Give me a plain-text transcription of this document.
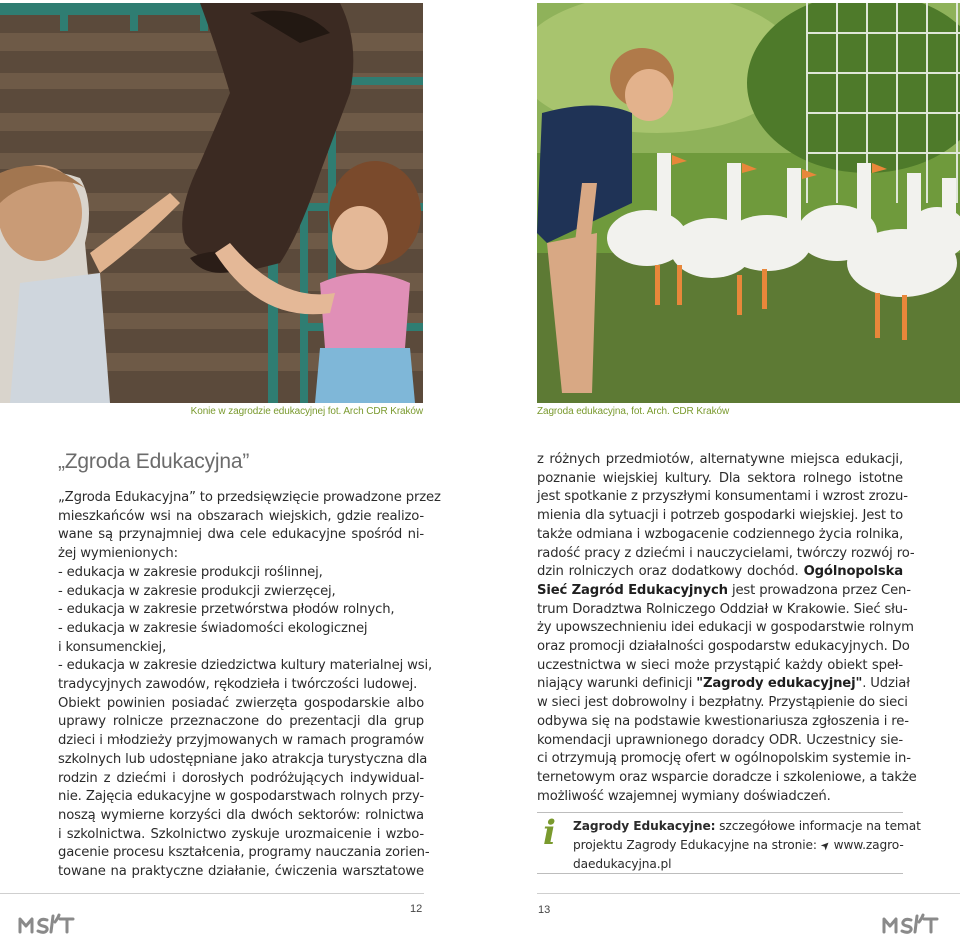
Konie w zagrodzie edukacyjnej fot. Arch CDR Kraków	Zagroda edukacyjna, fot. Arch. CDR Kraków
„Zgroda Edukacyjna”
„Zgroda Edukacyjna” to przedsięwzięcie prowadzone przez
mieszkańców wsi na obszarach wiejskich, gdzie realizo-
wane są przynajmniej dwa cele edukacyjne spośród ni-
żej wymienionych:
- edukacja w zakresie produkcji roślinnej,
- edukacja w zakresie produkcji zwierzęcej,
- edukacja w zakresie przetwórstwa płodów rolnych,
- edukacja w zakresie świadomości ekologicznej
i konsumenckiej,
- edukacja w zakresie dziedzictwa kultury materialnej wsi,
tradycyjnych zawodów, rękodzieła i twórczości ludowej.
Obiekt powinien posiadać zwierzęta gospodarskie albo
uprawy rolnicze przeznaczone do prezentacji dla grup
dzieci i młodzieży przyjmowanych w ramach programów
szkolnych lub udostępniane jako atrakcja turystyczna dla
rodzin z dziećmi i dorosłych podróżujących indywidual-
nie. Zajęcia edukacyjne w gospodarstwach rolnych przy-
noszą wymierne korzyści dla dwóch sektorów: rolnictwa
i szkolnictwa. Szkolnictwo zyskuje urozmaicenie i wzbo-
gacenie procesu kształcenia, programy nauczania zorien-
towane na praktyczne działanie, ćwiczenia warsztatowe
z różnych przedmiotów, alternatywne miejsca edukacji,
poznanie wiejskiej kultury. Dla sektora rolnego istotne
jest spotkanie z przyszłymi konsumentami i wzrost zrozu-
mienia dla sytuacji i potrzeb gospodarki wiejskiej. Jest to
także odmiana i wzbogacenie codziennego życia rolnika,
radość pracy z dziećmi i nauczycielami, twórczy rozwój ro-
dzin rolniczych oraz dodatkowy dochód. Ogólnopolska
Sieć Zagród Edukacyjnych jest prowadzona przez Cen-
trum Doradztwa Rolniczego Oddział w Krakowie. Sieć słu-
ży upowszechnieniu idei edukacji w gospodarstwie rolnym
oraz promocji działalności gospodarstw edukacyjnych. Do
uczestnictwa w sieci może przystąpić każdy obiekt speł-
niający warunki definicji "Zagrody edukacyjnej". Udział
w sieci jest dobrowolny i bezpłatny. Przystąpienie do sieci
odbywa się na podstawie kwestionariusza zgłoszenia i re-
komendacji uprawnionego doradcy ODR. Uczestnicy sie-
ci otrzymują promocję ofert w ogólnopolskim systemie in-
ternetowym oraz wsparcie doradcze i szkoleniowe, a także
możliwość wzajemnej wymiany doświadczeń.
i Zagrody Edukacyjne: szczegółowe informacje na temat
projektu Zagrody Edukacyjne na stronie: ➤ www.zagro-
daedukacyjna.pl
12	13
